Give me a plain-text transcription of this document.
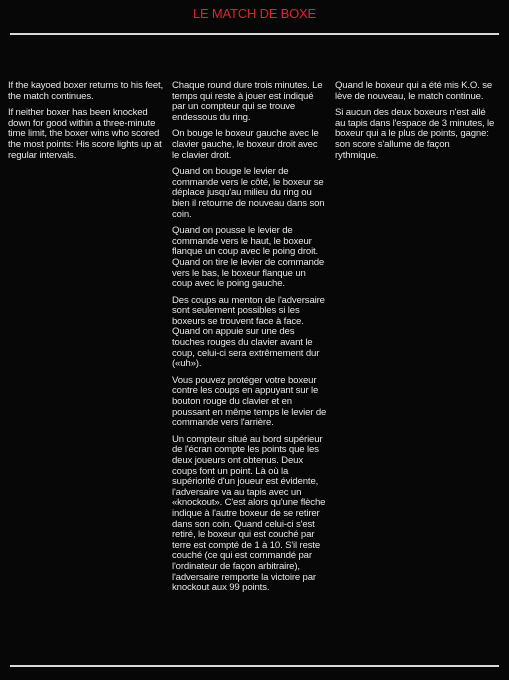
LE MATCH DE BOXE

If the kayoed boxer returns to his feet, the match continues.

If neither boxer has been knocked down for good within a three-minute time limit, the boxer wins who scored the most points: His score lights up at regular intervals.

Chaque round dure trois minutes. Le temps qui reste à jouer est indiqué par un compteur qui se trouve endessous du ring.

On bouge le boxeur gauche avec le clavier gauche, le boxeur droit avec le clavier droit.

Quand on bouge le levier de commande vers le côté, le boxeur se déplace jusqu'au milieu du ring ou bien il retourne de nouveau dans son coin.

Quand on pousse le levier de commande vers le haut, le boxeur flanque un coup avec le poing droit. Quand on tire le levier de commande vers le bas, le boxeur flanque un coup avec le poing gauche.

Des coups au menton de l'adversaire sont seulement possibles si les boxeurs se trouvent face à face. Quand on appuie sur une des touches rouges du clavier avant le coup, celui-ci sera extrêmement dur («uh»).

Vous pouvez protéger votre boxeur contre les coups en appuyant sur le bouton rouge du clavier et en poussant en même temps le levier de commande vers l'arrière.

Un compteur situé au bord supérieur de l'écran compte les points que les deux joueurs ont obtenus. Deux coups font un point. Là où la supériorité d'un joueur est évidente, l'adversaire va au tapis avec un «knockout». C'est alors qu'une flèche indique à l'autre boxeur de se retirer dans son coin. Quand celui-ci s'est retiré, le boxeur qui est couché par terre est compté de 1 à 10. S'il reste couché (ce qui est commandé par l'ordinateur de façon arbitraire), l'adversaire remporte la victoire par knockout aux 99 points.

Quand le boxeur qui a été mis K.O. se lève de nouveau, le match continue.

Si aucun des deux boxeurs n'est allé au tapis dans l'espace de 3 minutes, le boxeur qui a le plus de points, gagne: son score s'allume de façon rythmique.
